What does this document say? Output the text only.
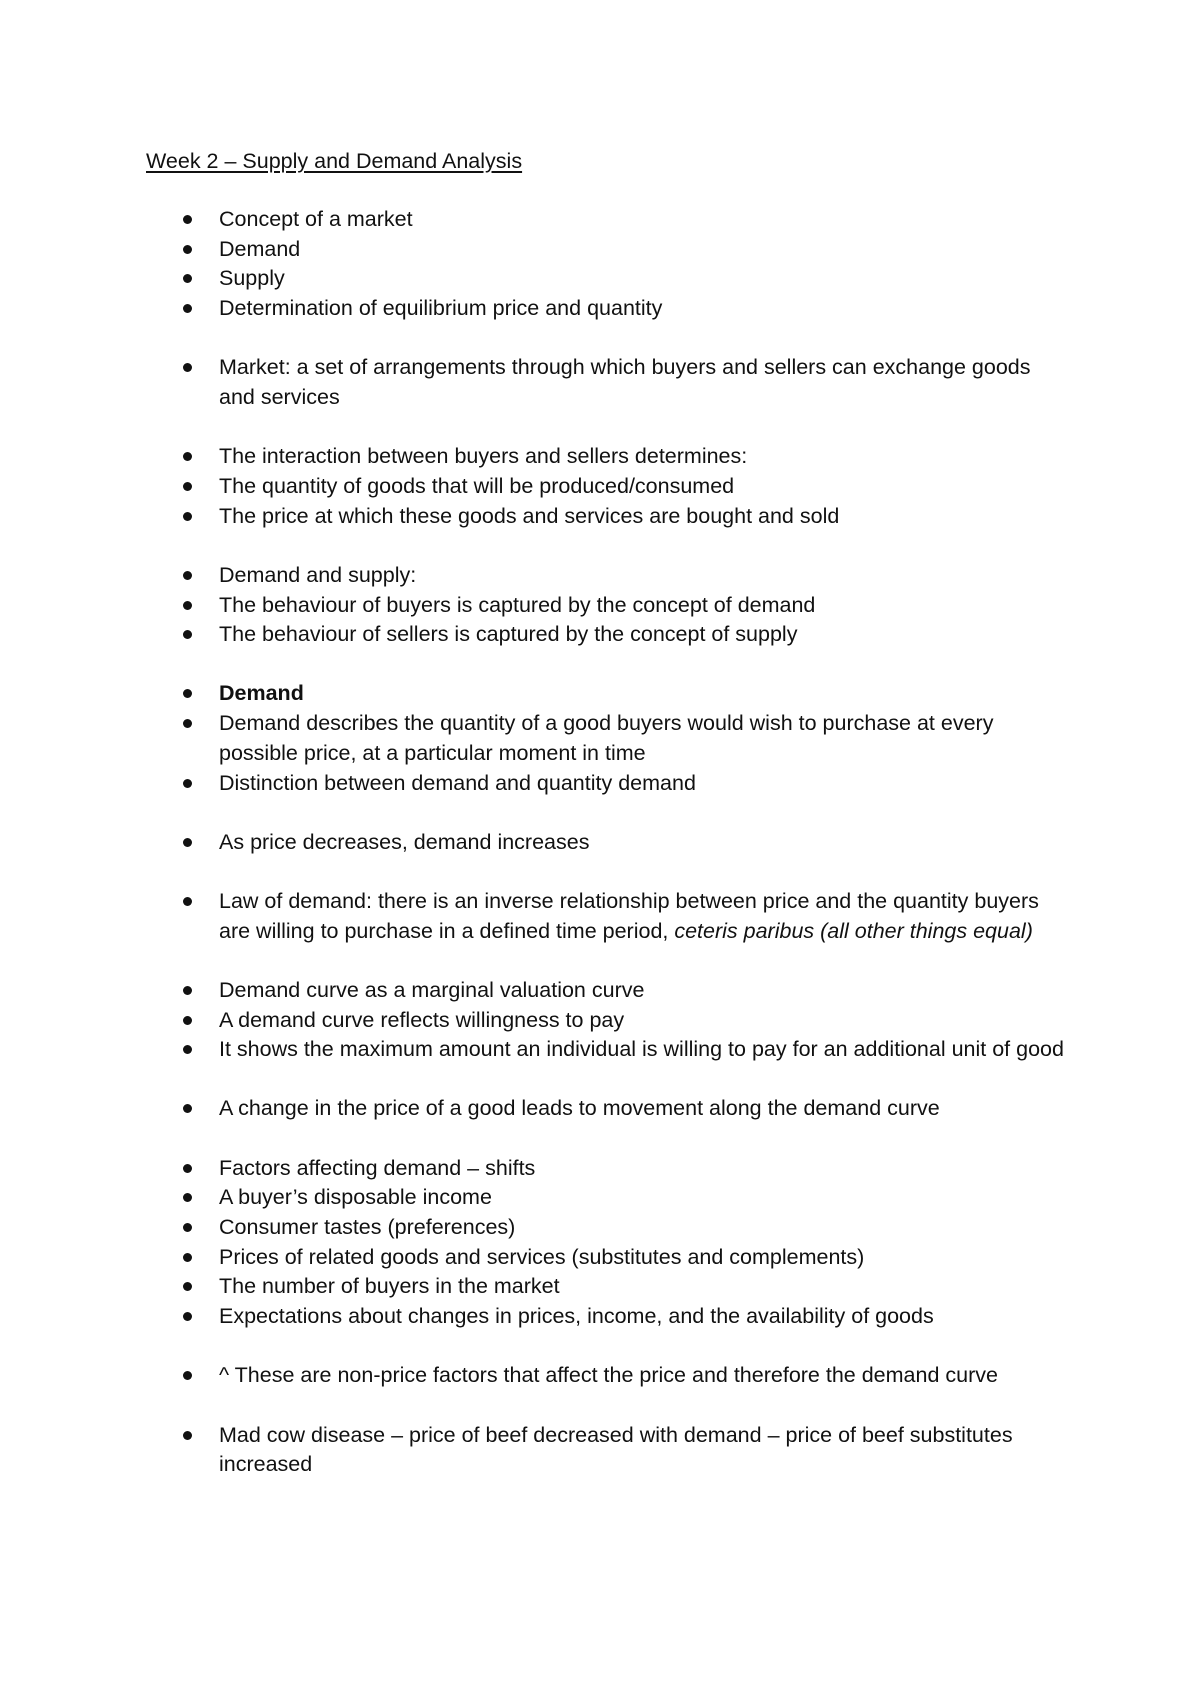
Week 2 – Supply and Demand Analysis
Concept of a market
Demand
Supply
Determination of equilibrium price and quantity
Market: a set of arrangements through which buyers and sellers can exchange goods and services
The interaction between buyers and sellers determines:
The quantity of goods that will be produced/consumed
The price at which these goods and services are bought and sold
Demand and supply:
The behaviour of buyers is captured by the concept of demand
The behaviour of sellers is captured by the concept of supply
Demand
Demand describes the quantity of a good buyers would wish to purchase at every possible price, at a particular moment in time
Distinction between demand and quantity demand
As price decreases, demand increases
Law of demand: there is an inverse relationship between price and the quantity buyers are willing to purchase in a defined time period, ceteris paribus (all other things equal)
Demand curve as a marginal valuation curve
A demand curve reflects willingness to pay
It shows the maximum amount an individual is willing to pay for an additional unit of good
A change in the price of a good leads to movement along the demand curve
Factors affecting demand – shifts
A buyer’s disposable income
Consumer tastes (preferences)
Prices of related goods and services (substitutes and complements)
The number of buyers in the market
Expectations about changes in prices, income, and the availability of goods
^ These are non-price factors that affect the price and therefore the demand curve
Mad cow disease – price of beef decreased with demand – price of beef substitutes increased
